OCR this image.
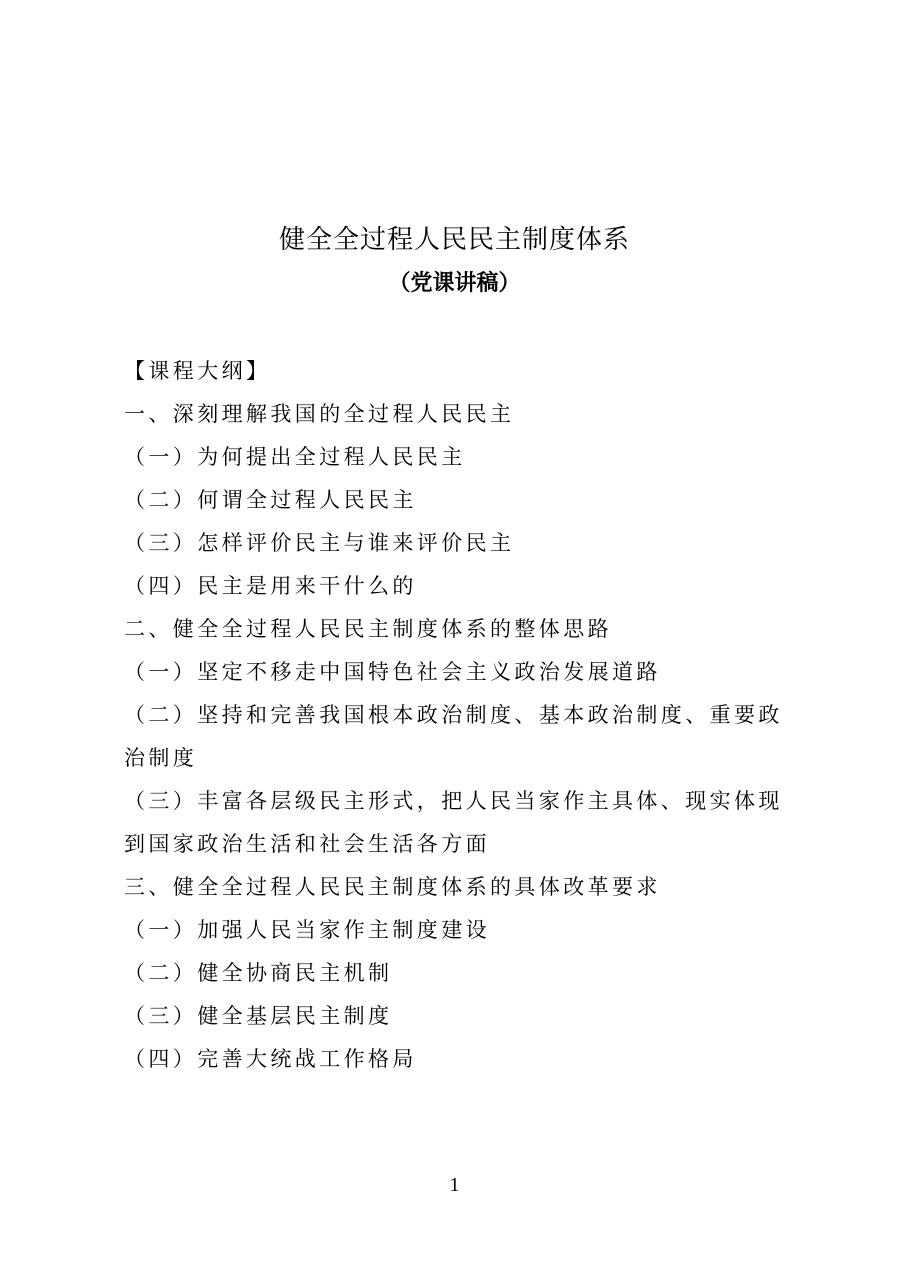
健全全过程人民民主制度体系
（党课讲稿）
【课程大纲】
一、深刻理解我国的全过程人民民主
（一）为何提出全过程人民民主
（二）何谓全过程人民民主
（三）怎样评价民主与谁来评价民主
（四）民主是用来干什么的
二、健全全过程人民民主制度体系的整体思路
（一）坚定不移走中国特色社会主义政治发展道路
（二）坚持和完善我国根本政治制度、基本政治制度、重要政治制度
（三）丰富各层级民主形式，把人民当家作主具体、现实体现到国家政治生活和社会生活各方面
三、健全全过程人民民主制度体系的具体改革要求
（一）加强人民当家作主制度建设
（二）健全协商民主机制
（三）健全基层民主制度
（四）完善大统战工作格局
1
